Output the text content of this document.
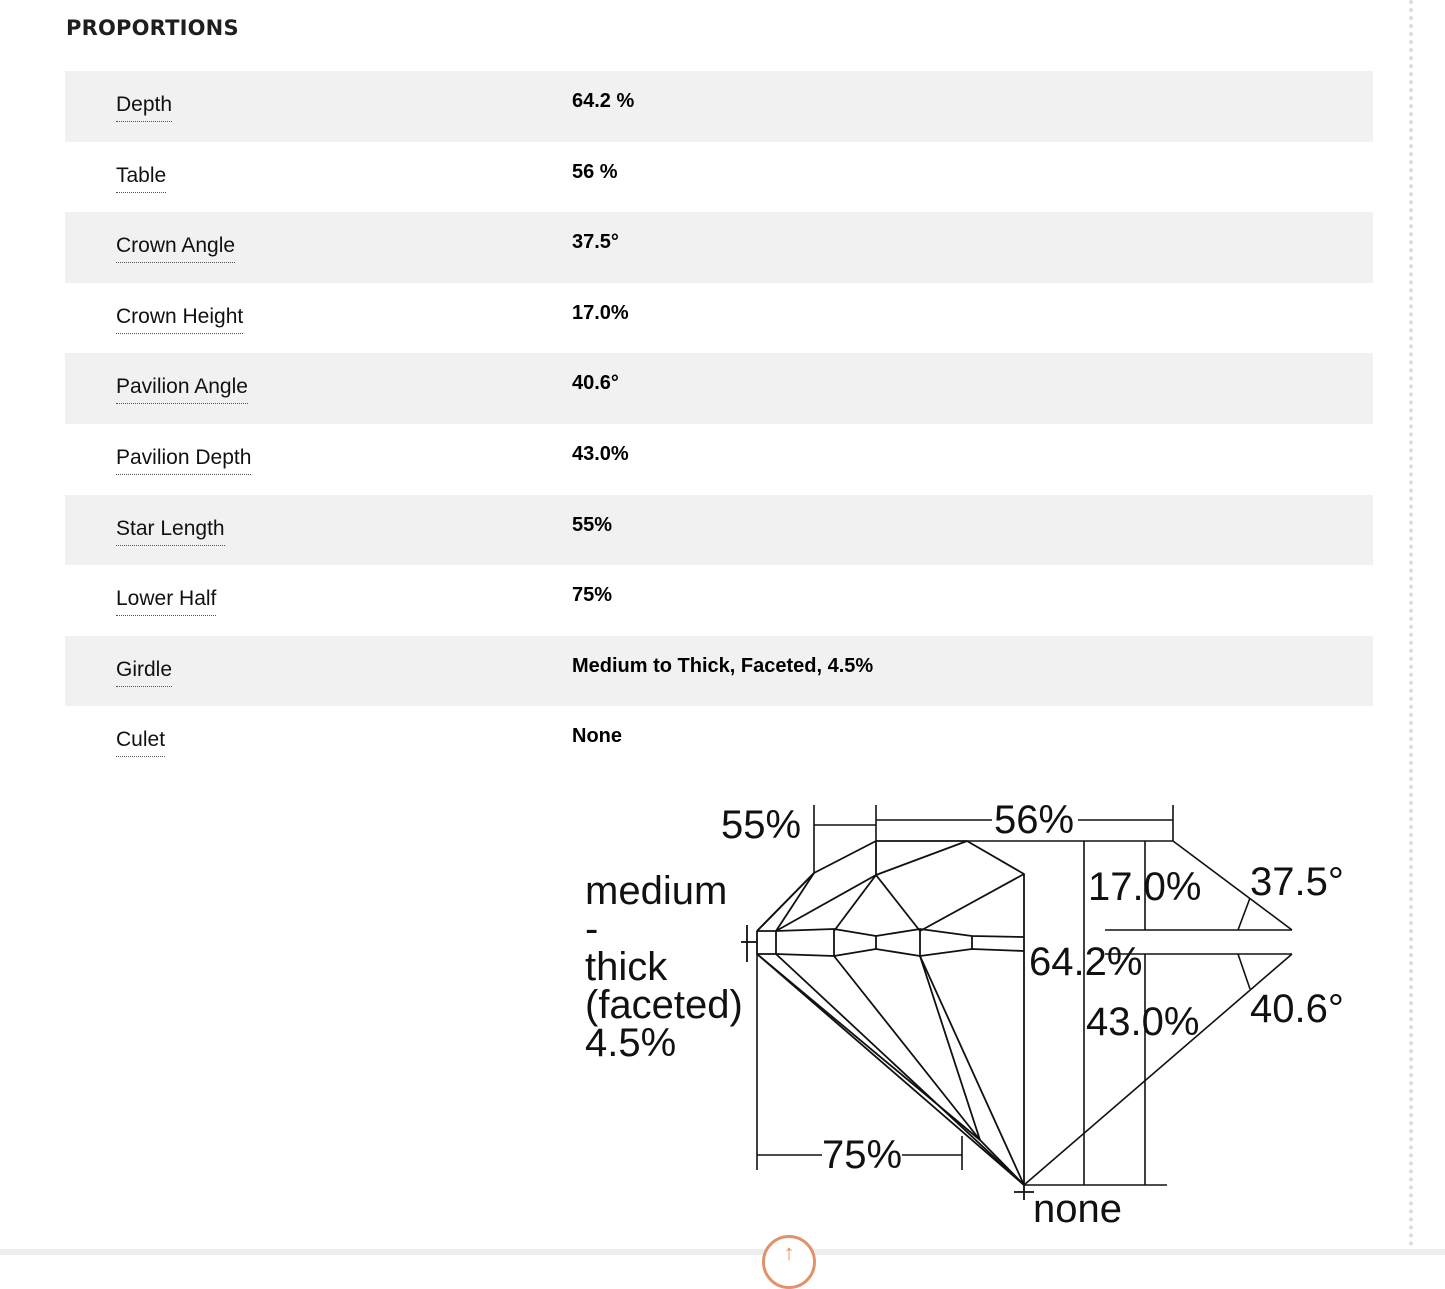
PROPORTIONS
Depth	64.2 %
Table	56 %
Crown Angle	37.5°
Crown Height	17.0%
Pavilion Angle	40.6°
Pavilion Depth	43.0%
Star Length	55%
Lower Half	75%
Girdle	Medium to Thick, Faceted, 4.5%
Culet	None
55%	56%
17.0% 37.5°
64.2%
43.0% 40.6°
75%
none
medium
-
thick
(faceted)
4.5%
↑
